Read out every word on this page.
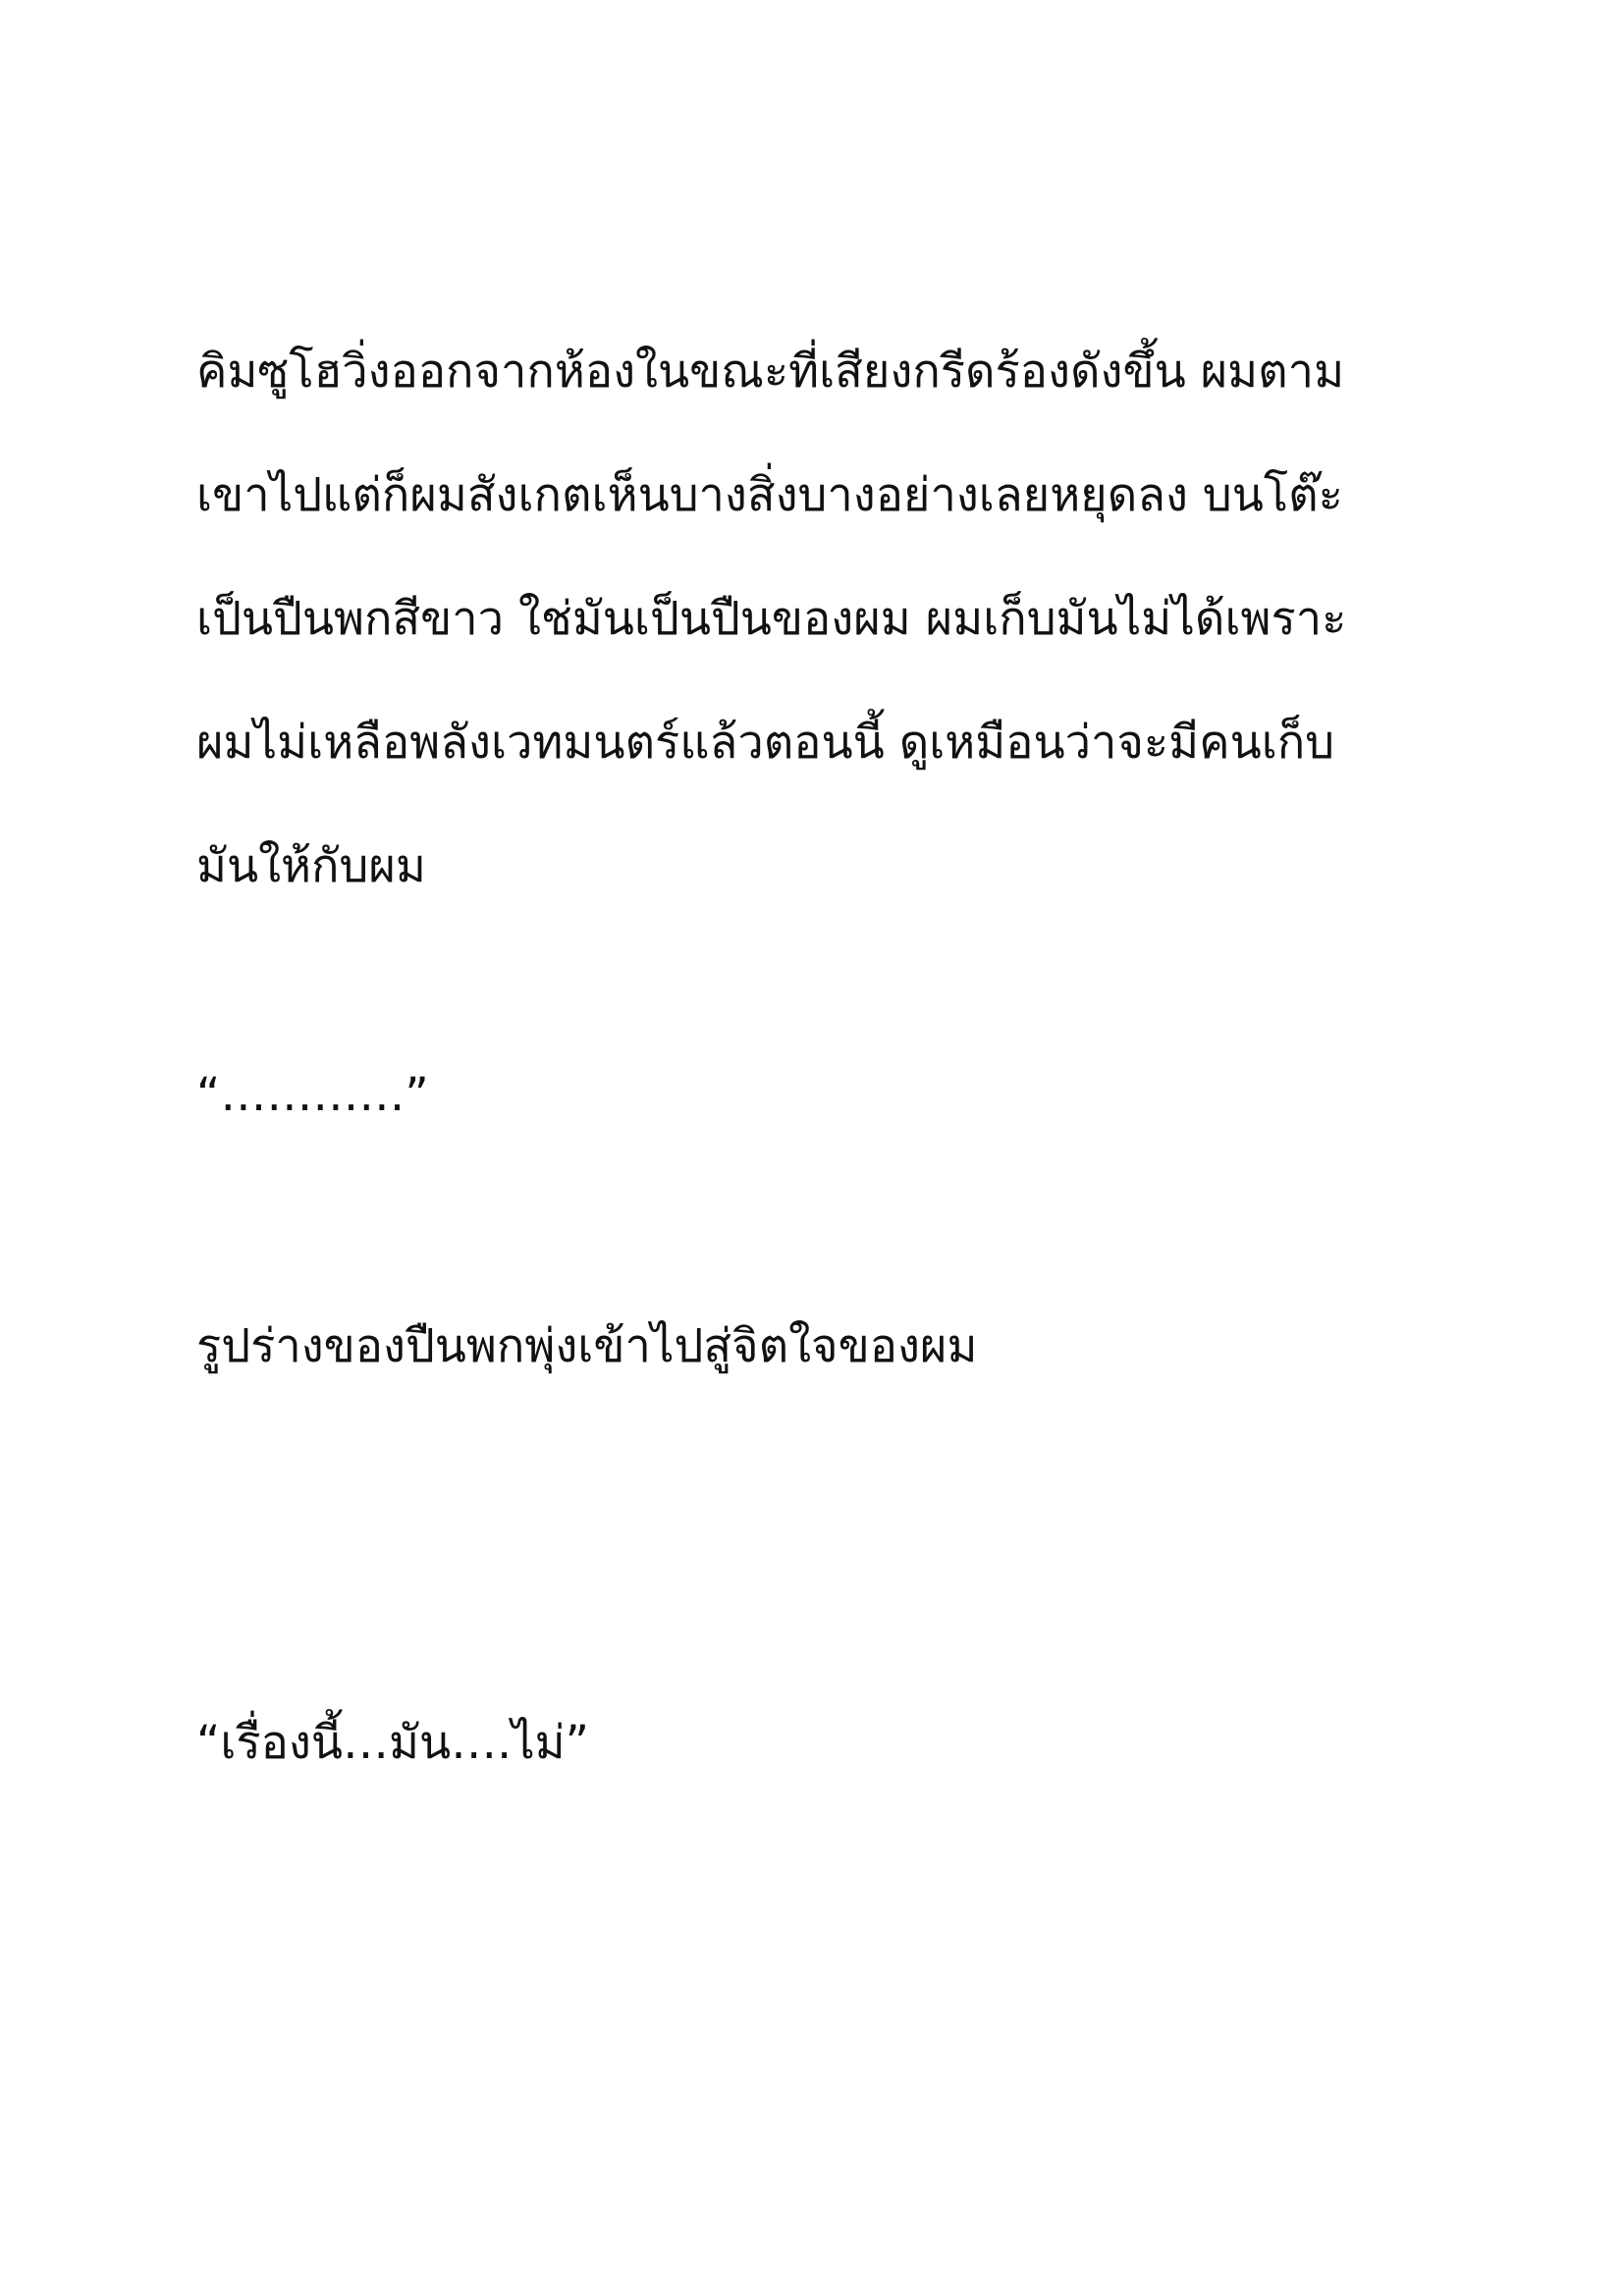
คิมซูโฮวิ่งออกจากห้องในขณะที่เสียงกรีดร้องดังขึ้น ผมตาม
เขาไปแต่ก็ผมสังเกตเห็นบางสิ่งบางอย่างเลยหยุดลง บนโต๊ะ
เป็นปืนพกสีขาว ใช่มันเป็นปืนของผม ผมเก็บมันไม่ได้เพราะ
ผมไม่เหลือพลังเวทมนตร์แล้วตอนนี้ ดูเหมือนว่าจะมีคนเก็บ
มันให้กับผม
“…………”
รูปร่างของปืนพกพุ่งเข้าไปสู่จิตใจของผม
“เรื่องนี้…มัน….ไม่”
